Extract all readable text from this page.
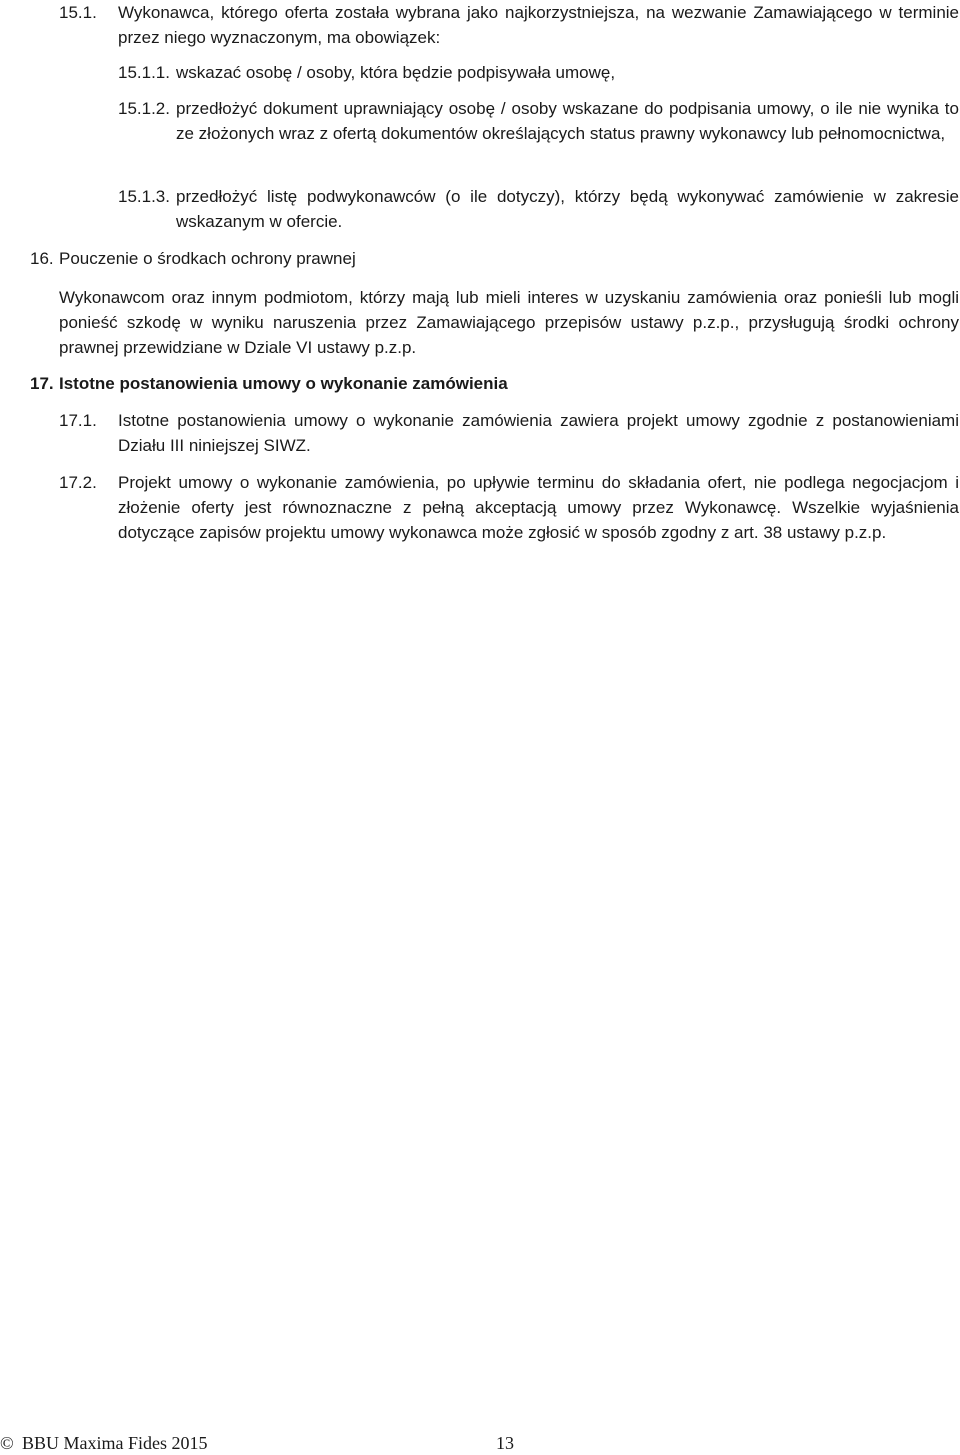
15.1. Wykonawca, którego oferta została wybrana jako najkorzystniejsza, na wezwanie Zamawiającego w terminie przez niego wyznaczonym, ma obowiązek:

15.1.1. wskazać osobę / osoby, która będzie podpisywała umowę,

15.1.2. przedłożyć dokument uprawniający osobę / osoby wskazane do podpisania umowy, o ile nie wynika to ze złożonych wraz z ofertą dokumentów określających status prawny wykonawcy lub pełnomocnictwa,

15.1.3. przedłożyć listę podwykonawców (o ile dotyczy), którzy będą wykonywać zamówienie w zakresie wskazanym w ofercie.

16. Pouczenie o środkach ochrony prawnej

Wykonawcom oraz innym podmiotom, którzy mają lub mieli interes w uzyskaniu zamówienia oraz ponieśli lub mogli ponieść szkodę w wyniku naruszenia przez Zamawiającego przepisów ustawy p.z.p., przysługują środki ochrony prawnej przewidziane w Dziale VI ustawy p.z.p.

17. Istotne postanowienia umowy o wykonanie zamówienia

17.1. Istotne postanowienia umowy o wykonanie zamówienia zawiera projekt umowy zgodnie z postanowieniami Działu III niniejszej SIWZ.

17.2. Projekt umowy o wykonanie zamówienia, po upływie terminu do składania ofert, nie podlega negocjacjom i złożenie oferty jest równoznaczne z pełną akceptacją umowy przez Wykonawcę. Wszelkie wyjaśnienia dotyczące zapisów projektu umowy wykonawca może zgłosić w sposób zgodny z art. 38 ustawy p.z.p.

© BBU Maxima Fides 2015	13
